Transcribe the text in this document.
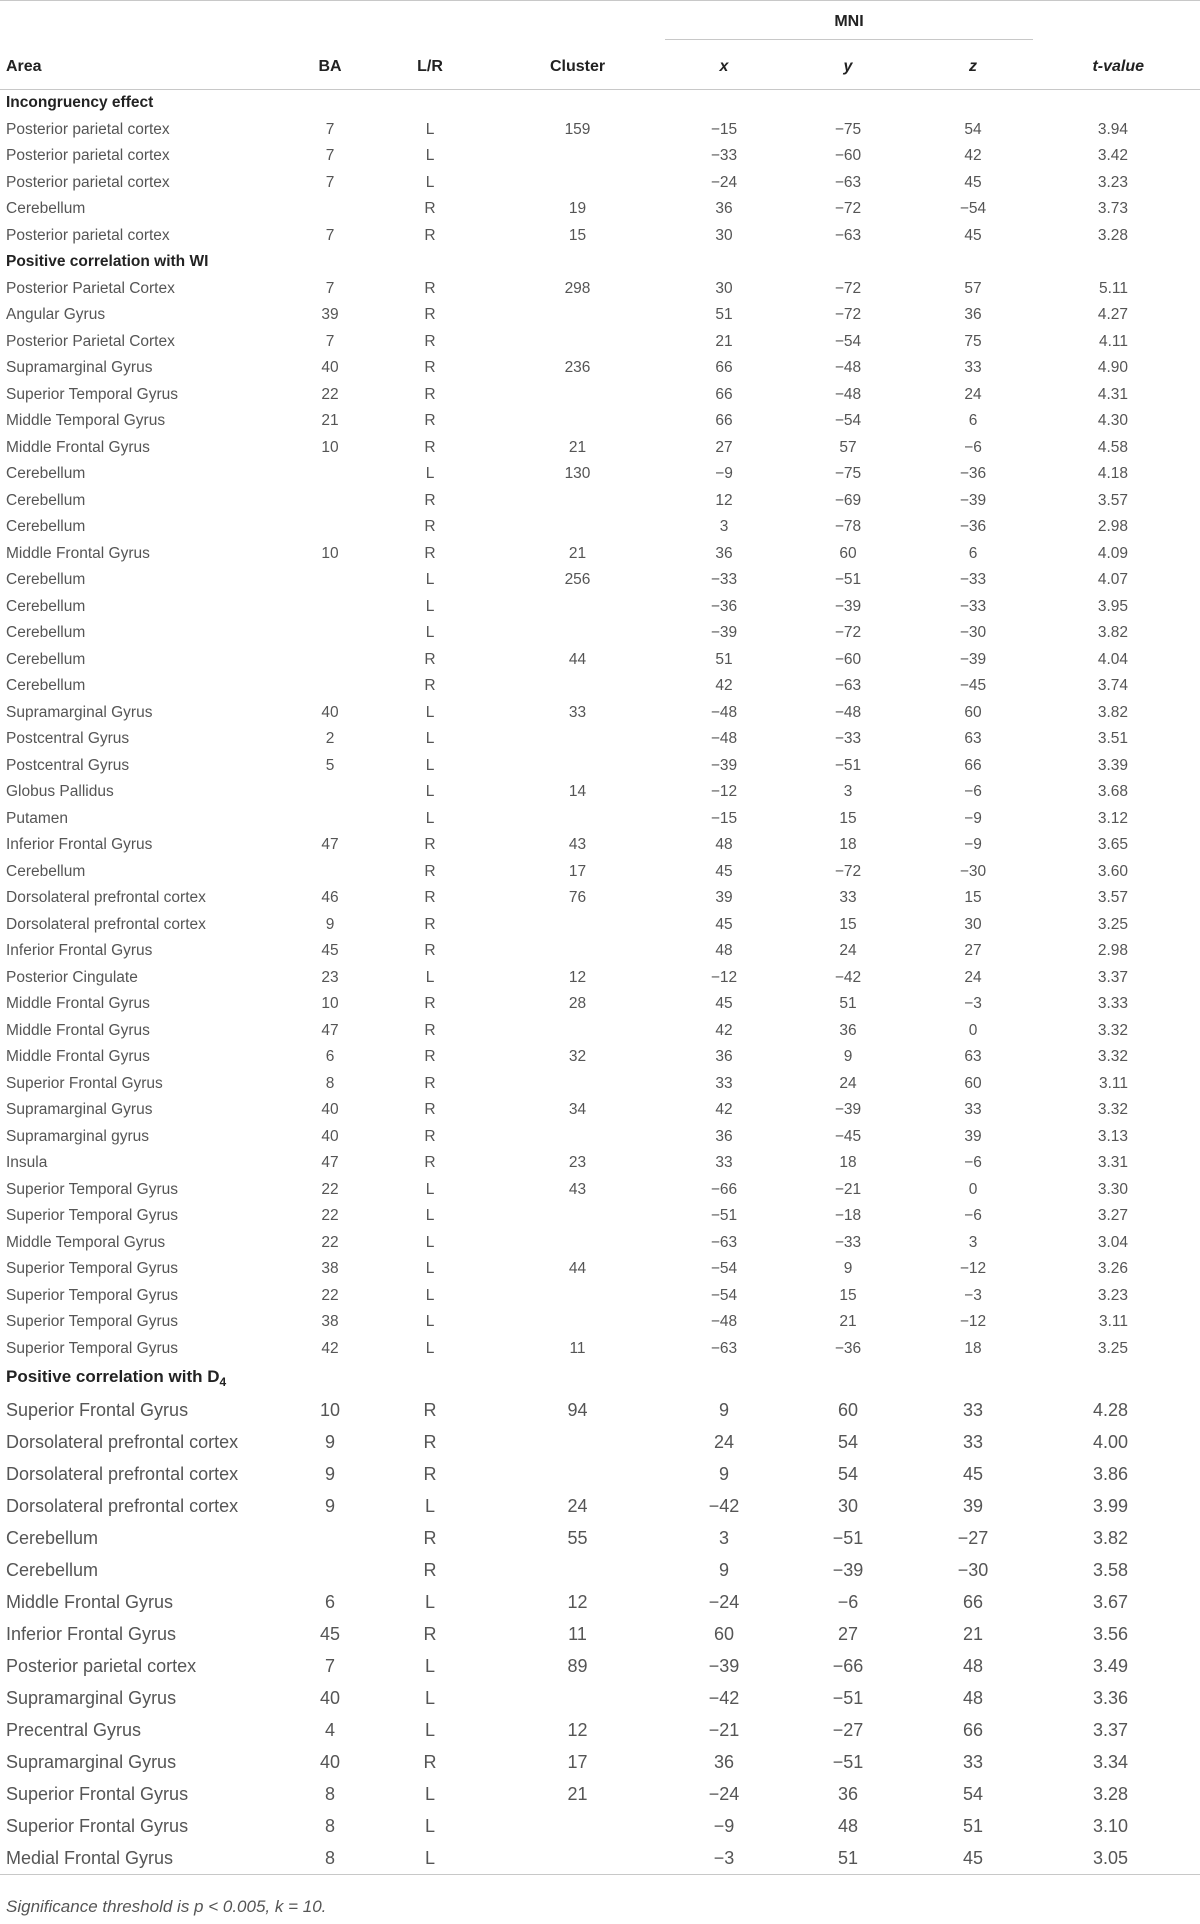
				MNI			

Area	BA	L/R	Cluster	x	y	z	t-value
Incongruency effect							
Posterior parietal cortex	7	L	159	−15	−75	54	3.94
Posterior parietal cortex	7	L		−33	−60	42	3.42
Posterior parietal cortex	7	L		−24	−63	45	3.23
Cerebellum		R	19	36	−72	−54	3.73
Posterior parietal cortex	7	R	15	30	−63	45	3.28
Positive correlation with WI							
Posterior Parietal Cortex	7	R	298	30	−72	57	5.11
Angular Gyrus	39	R		51	−72	36	4.27
Posterior Parietal Cortex	7	R		21	−54	75	4.11
Supramarginal Gyrus	40	R	236	66	−48	33	4.90
Superior Temporal Gyrus	22	R		66	−48	24	4.31
Middle Temporal Gyrus	21	R		66	−54	6	4.30
Middle Frontal Gyrus	10	R	21	27	57	−6	4.58
Cerebellum		L	130	−9	−75	−36	4.18
Cerebellum		R		12	−69	−39	3.57
Cerebellum		R		3	−78	−36	2.98
Middle Frontal Gyrus	10	R	21	36	60	6	4.09
Cerebellum		L	256	−33	−51	−33	4.07
Cerebellum		L		−36	−39	−33	3.95
Cerebellum		L		−39	−72	−30	3.82
Cerebellum		R	44	51	−60	−39	4.04
Cerebellum		R		42	−63	−45	3.74
Supramarginal Gyrus	40	L	33	−48	−48	60	3.82
Postcentral Gyrus	2	L		−48	−33	63	3.51
Postcentral Gyrus	5	L		−39	−51	66	3.39
Globus Pallidus		L	14	−12	3	−6	3.68
Putamen		L		−15	15	−9	3.12
Inferior Frontal Gyrus	47	R	43	48	18	−9	3.65
Cerebellum		R	17	45	−72	−30	3.60
Dorsolateral prefrontal cortex	46	R	76	39	33	15	3.57
Dorsolateral prefrontal cortex	9	R		45	15	30	3.25
Inferior Frontal Gyrus	45	R		48	24	27	2.98
Posterior Cingulate	23	L	12	−12	−42	24	3.37
Middle Frontal Gyrus	10	R	28	45	51	−3	3.33
Middle Frontal Gyrus	47	R		42	36	0	3.32
Middle Frontal Gyrus	6	R	32	36	9	63	3.32
Superior Frontal Gyrus	8	R		33	24	60	3.11
Supramarginal Gyrus	40	R	34	42	−39	33	3.32
Supramarginal gyrus	40	R		36	−45	39	3.13
Insula	47	R	23	33	18	−6	3.31
Superior Temporal Gyrus	22	L	43	−66	−21	0	3.30
Superior Temporal Gyrus	22	L		−51	−18	−6	3.27
Middle Temporal Gyrus	22	L		−63	−33	3	3.04
Superior Temporal Gyrus	38	L	44	−54	9	−12	3.26
Superior Temporal Gyrus	22	L		−54	15	−3	3.23
Superior Temporal Gyrus	38	L		−48	21	−12	3.11
Superior Temporal Gyrus	42	L	11	−63	−36	18	3.25
Positive correlation with $D_4$
Superior Frontal Gyrus	10	R	94	9	60	33	4.28
Dorsolateral prefrontal cortex	9	R		24	54	33	4.00
Dorsolateral prefrontal cortex	9	R		9	54	45	3.86
Dorsolateral prefrontal cortex	9	L	24	−42	30	39	3.99
Cerebellum		R	55	3	−51	−27	3.82
Cerebellum		R		9	−39	−30	3.58
Middle Frontal Gyrus	6	L	12	−24	−6	66	3.67
Inferior Frontal Gyrus	45	R	11	60	27	21	3.56
Posterior parietal cortex	7	L	89	−39	−66	48	3.49
Supramarginal Gyrus	40	L		−42	−51	48	3.36
Precentral Gyrus	4	L	12	−21	−27	66	3.37
Supramarginal Gyrus	40	R	17	36	−51	33	3.34
Superior Frontal Gyrus	8	L	21	−24	36	54	3.28
Superior Frontal Gyrus	8	L		−9	48	51	3.10
Medial Frontal Gyrus	8	L		−3	51	45	3.05
Significance threshold is p < 0.005, k = 10.
